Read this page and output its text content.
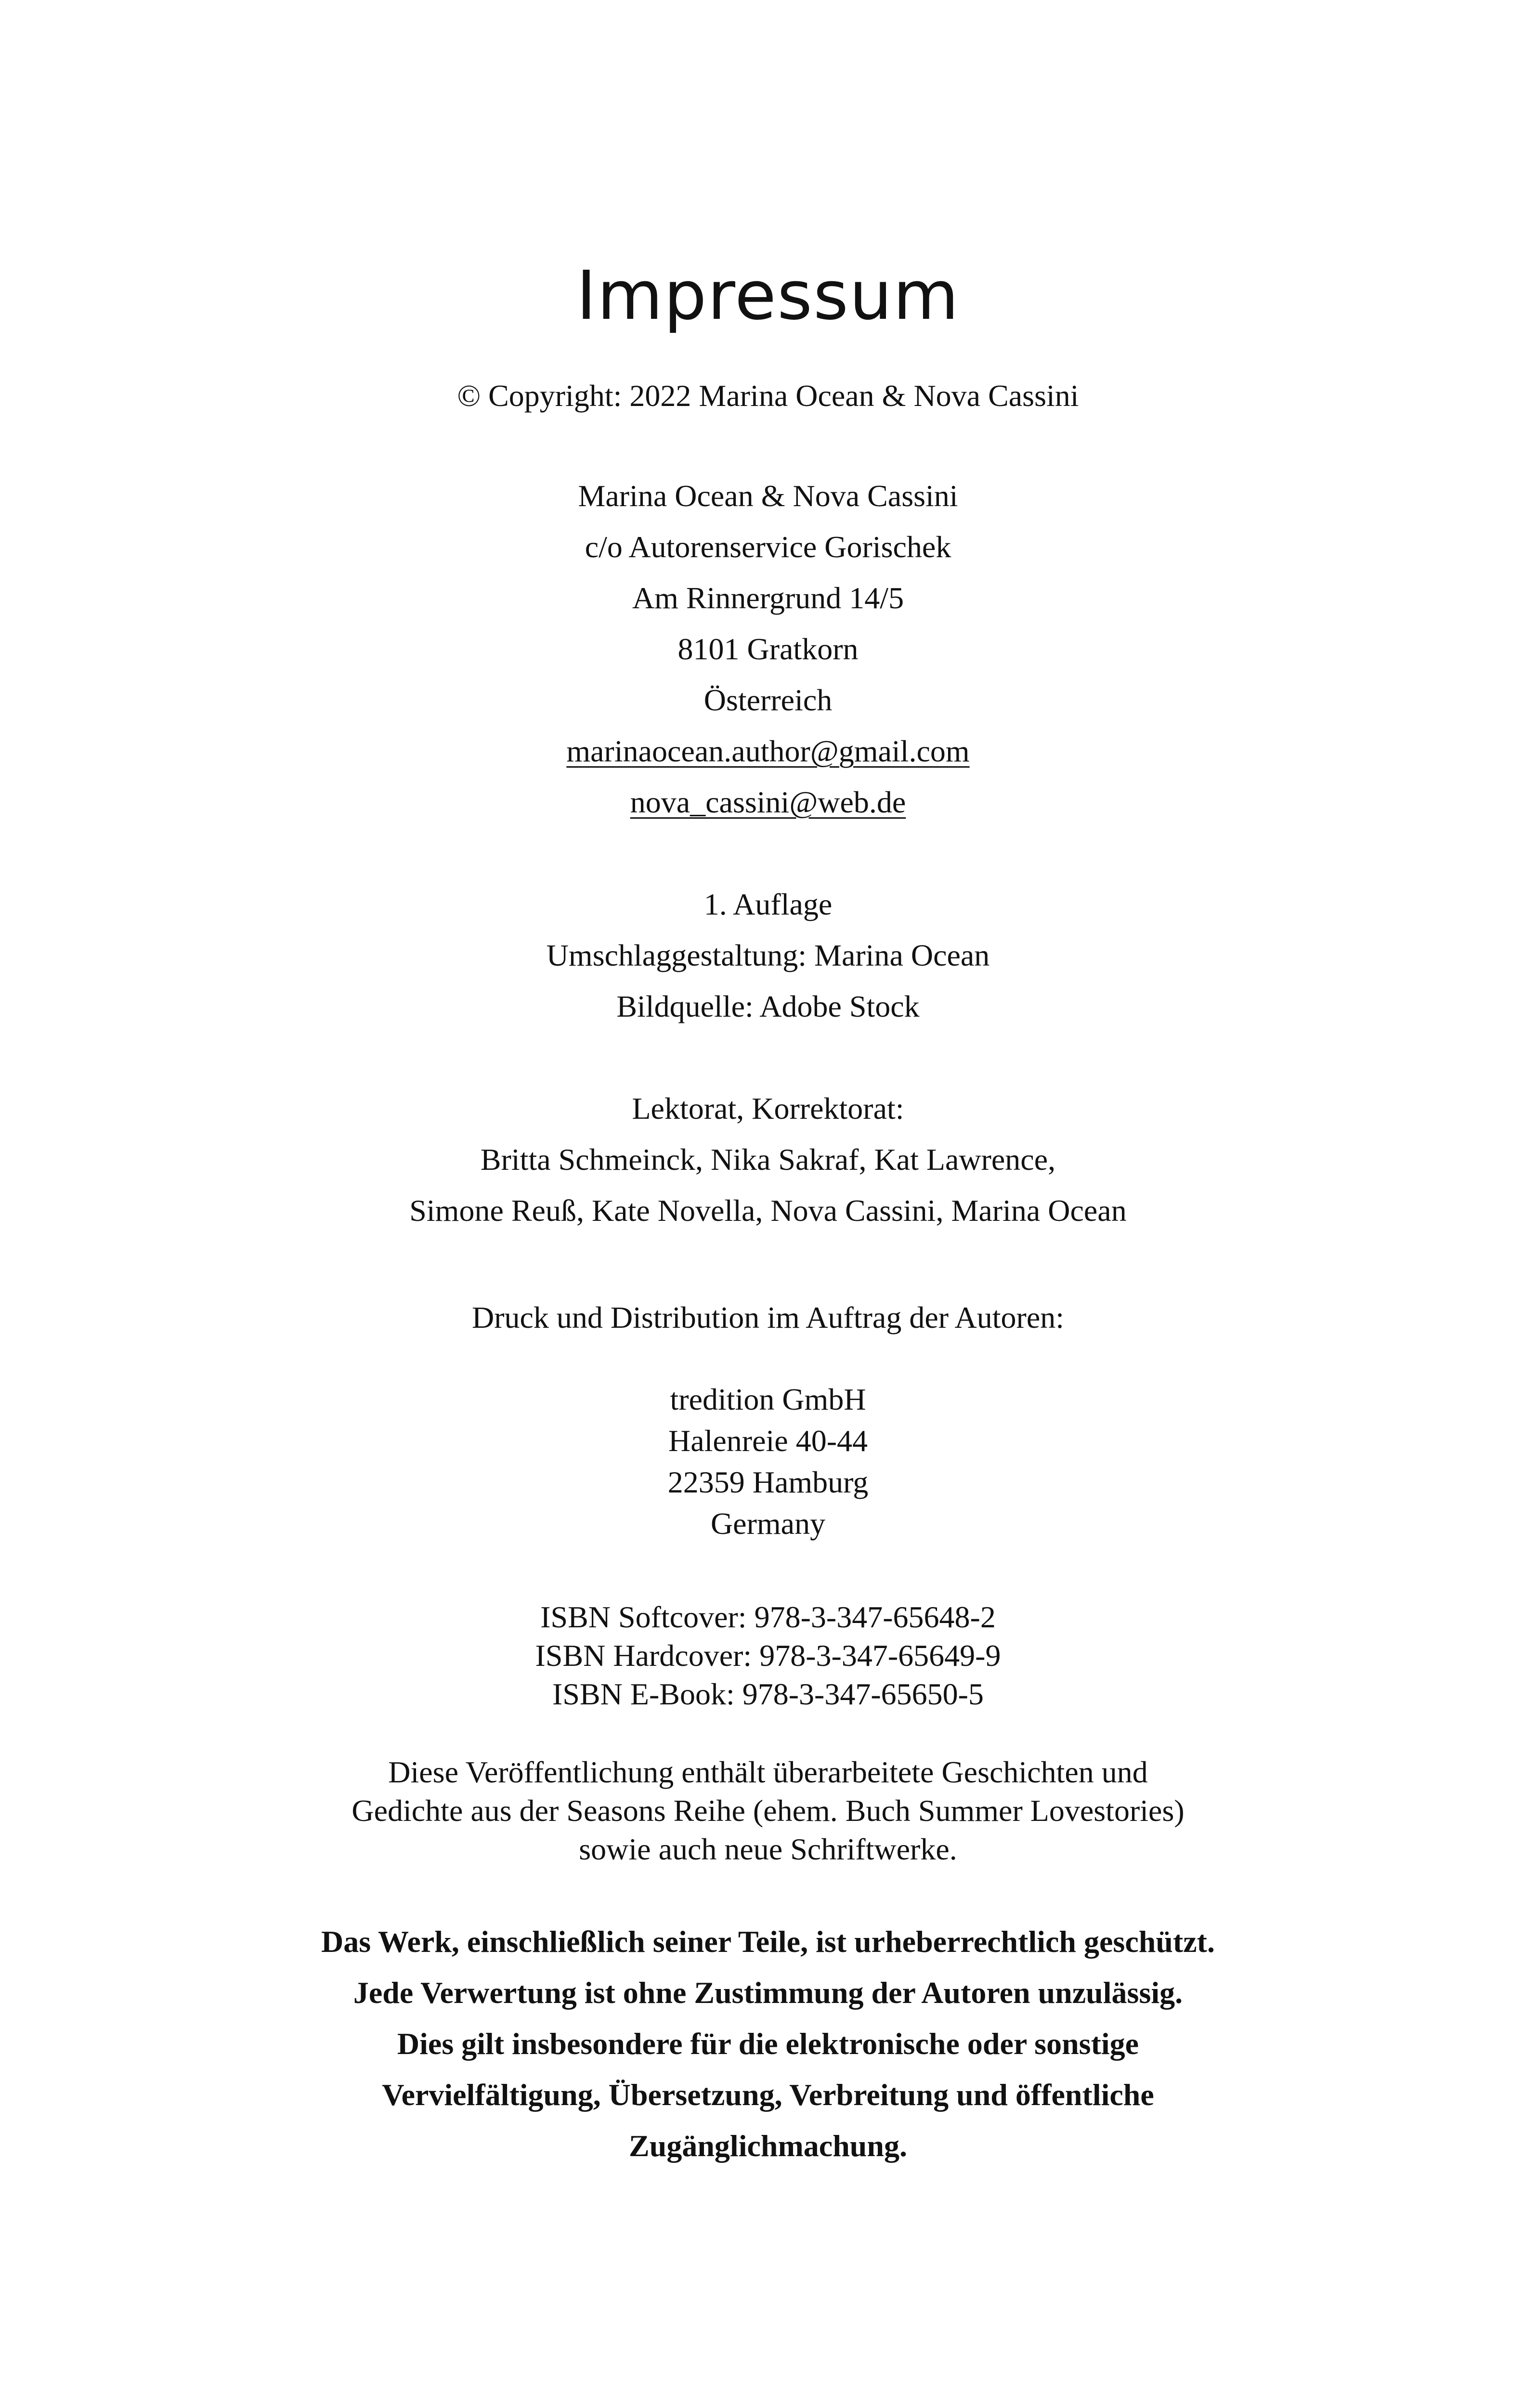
Impressum
© Copyright: 2022 Marina Ocean & Nova Cassini
Marina Ocean & Nova Cassini
c/o Autorenservice Gorischek
Am Rinnergrund 14/5
8101 Gratkorn
Österreich
marinaocean.author@gmail.com
nova_cassini@web.de
1. Auflage
Umschlaggestaltung: Marina Ocean
Bildquelle: Adobe Stock
Lektorat, Korrektorat:
Britta Schmeinck, Nika Sakraf, Kat Lawrence,
Simone Reuß, Kate Novella, Nova Cassini, Marina Ocean
Druck und Distribution im Auftrag der Autoren:
tredition GmbH
Halenreie 40-44
22359 Hamburg
Germany
ISBN Softcover: 978-3-347-65648-2
ISBN Hardcover: 978-3-347-65649-9
ISBN E-Book: 978-3-347-65650-5
Diese Veröffentlichung enthält überarbeitete Geschichten und
Gedichte aus der Seasons Reihe (ehem. Buch Summer Lovestories)
sowie auch neue Schriftwerke.
Das Werk, einschließlich seiner Teile, ist urheberrechtlich geschützt.
Jede Verwertung ist ohne Zustimmung der Autoren unzulässig.
Dies gilt insbesondere für die elektronische oder sonstige
Vervielfältigung, Übersetzung, Verbreitung und öffentliche
Zugänglichmachung.
